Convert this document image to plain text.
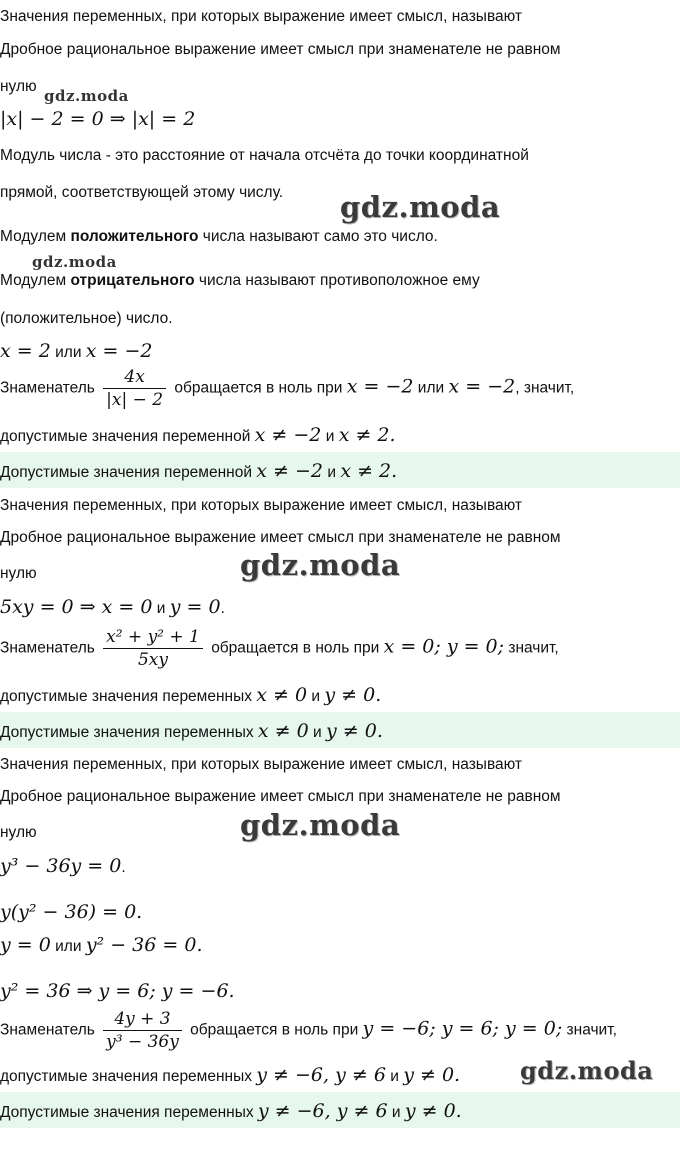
Значения переменных, при которых выражение имеет смысл, называют
Дробное рациональное выражение имеет смысл при знаменателе не равном
нулю
gdz.moda
|x| − 2 = 0 ⇒ |x| = 2
Модуль числа - это расстояние от начала отсчёта до точки координатной
прямой, соответствующей этому числу. gdz.moda
Модулем положительного числа называют само это число.
gdz.moda
Модулем отрицательного числа называют противоположное ему
(положительное) число.
x = 2 или x = −2
Знаменатель $\frac{4x}{|x| - 2}$ обращается в ноль при x = −2 или x = −2, значит,
допустимые значения переменной x ≠ −2 и x ≠ 2.
Допустимые значения переменной x ≠ −2 и x ≠ 2.
Значения переменных, при которых выражение имеет смысл, называют
Дробное рациональное выражение имеет смысл при знаменателе не равном
gdz.moda
нулю
5xy = 0 ⇒ x = 0 и y = 0.
Знаменатель $\frac{\text{x² + y² + 1}}{5xy}$ обращается в ноль при x = 0; y = 0; значит,
допустимые значения переменных x ≠ 0 и y ≠ 0.
Допустимые значения переменных x ≠ 0 и y ≠ 0.
Значения переменных, при которых выражение имеет смысл, называют
Дробное рациональное выражение имеет смысл при знаменателе не равном
gdz.moda
нулю
y³ − 36y = 0.
y(y² − 36) = 0.
y = 0 или y² − 36 = 0.
y² = 36 ⇒ y = 6; y = −6.
Знаменатель $\frac{4y + 3}{\text{y³ − 36y}}$ обращается в ноль при y = −6; y = 6; y = 0; значит,
допустимые значения переменных y ≠ −6, y ≠ 6 и y ≠ 0. gdz.moda
Допустимые значения переменных y ≠ −6, y ≠ 6 и y ≠ 0.
